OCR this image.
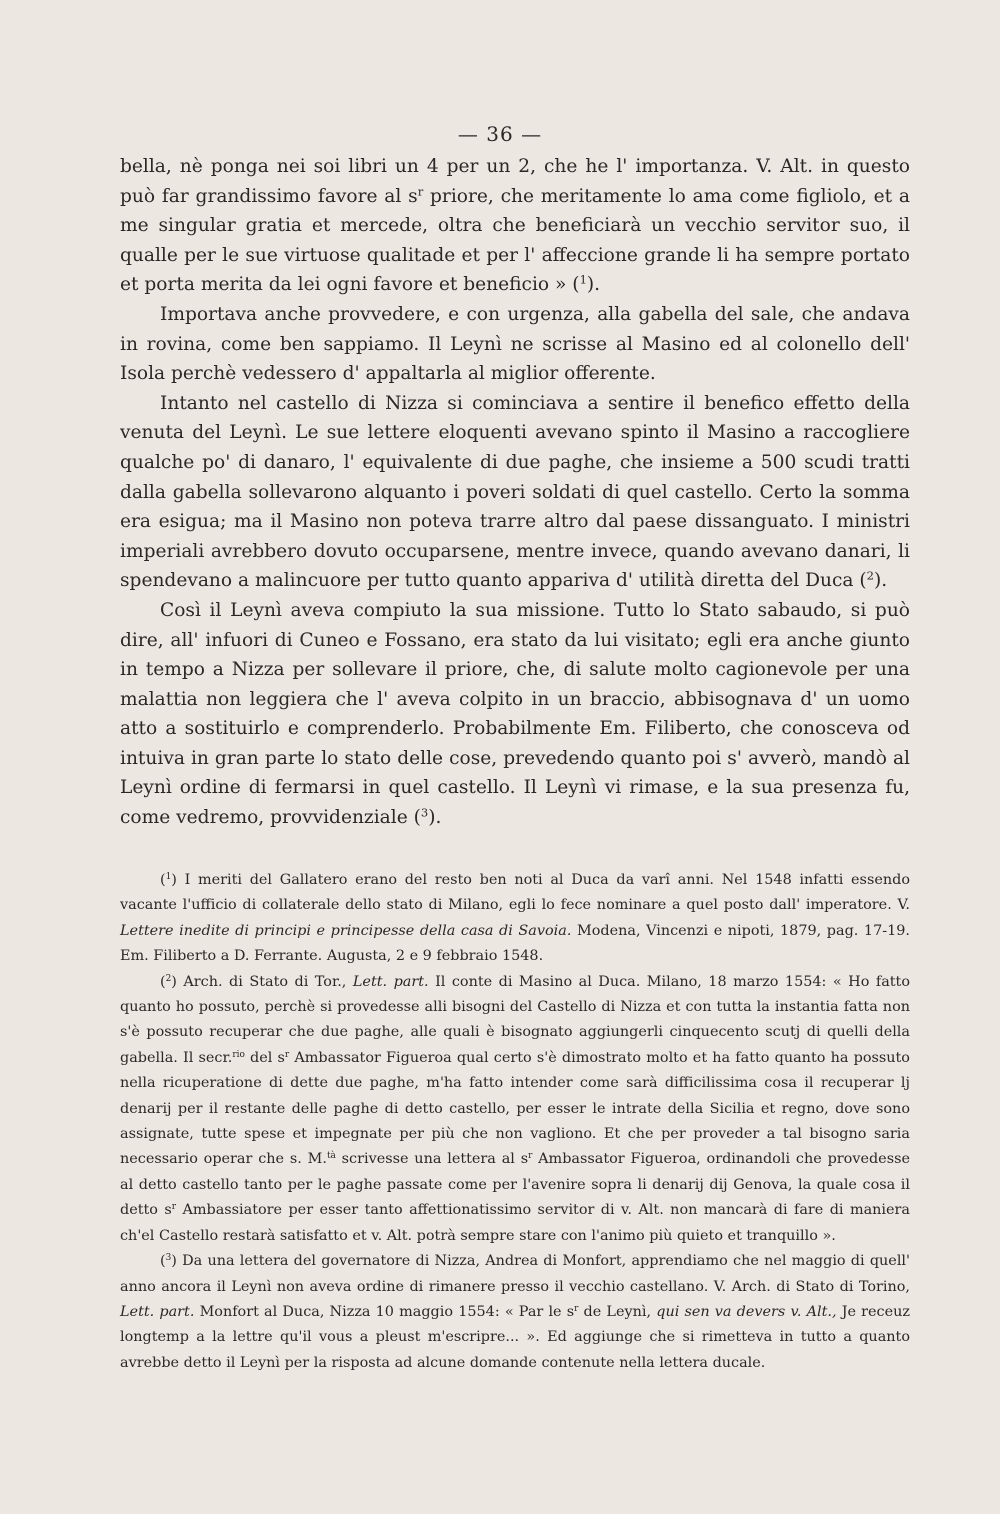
— 36 —

bella, nè ponga nei soi libri un 4 per un 2, che he l' importanza. V. Alt. in questo può far grandissimo favore al $s^r$ priore, che meritamente lo ama come figliolo, et a me singular gratia et mercede, oltra che beneficiarà un vecchio servitor suo, il qualle per le sue virtuose qualitade et per l' affeccione grande li ha sempre portato et porta merita da lei ogni favore et beneficio » ($^1$).

Importava anche provvedere, e con urgenza, alla gabella del sale, che andava in rovina, come ben sappiamo. Il Leynì ne scrisse al Masino ed al colonello dell' Isola perchè vedessero d' appaltarla al miglior offerente.

Intanto nel castello di Nizza si cominciava a sentire il benefico effetto della venuta del Leynì. Le sue lettere eloquenti avevano spinto il Masino a raccogliere qualche po' di danaro, l' equivalente di due paghe, che insieme a 500 scudi tratti dalla gabella sollevarono alquanto i poveri soldati di quel castello. Certo la somma era esigua; ma il Masino non poteva trarre altro dal paese dissanguato. I ministri imperiali avrebbero dovuto occuparsene, mentre invece, quando avevano danari, li spendevano a malincuore per tutto quanto appariva d' utilità diretta del Duca ($^2$).

Così il Leynì aveva compiuto la sua missione. Tutto lo Stato sabaudo, si può dire, all' infuori di Cuneo e Fossano, era stato da lui visitato; egli era anche giunto in tempo a Nizza per sollevare il priore, che, di salute molto cagionevole per una malattia non leggiera che l' aveva colpito in un braccio, abbisognava d' un uomo atto a sostituirlo e comprenderlo. Probabilmente Em. Filiberto, che conosceva od intuiva in gran parte lo stato delle cose, prevedendo quanto poi s' avverò, mandò al Leynì ordine di fermarsi in quel castello. Il Leynì vi rimase, e la sua presenza fu, come vedremo, provvidenziale ($^3$).

($^1$) I meriti del Gallatero erano del resto ben noti al Duca da varî anni. Nel 1548 infatti essendo vacante l'ufficio di collaterale dello stato di Milano, egli lo fece nominare a quel posto dall' imperatore. V. Lettere inedite di principi e principesse della casa di Savoia. Modena, Vincenzi e nipoti, 1879, pag. 17-19. Em. Filiberto a D. Ferrante. Augusta, 2 e 9 febbraio 1548.

($^2$) Arch. di Stato di Tor., Lett. part. Il conte di Masino al Duca. Milano, 18 marzo 1554: « Ho fatto quanto ho possuto, perchè si provedesse alli bisogni del Castello di Nizza et con tutta la instantia fatta non s'è possuto recuperar che due paghe, alle quali è bisognato aggiungerli cinquecento scutj di quelli della gabella. Il secr.$^{rio}$ del $s^r$ Ambassator Figueroa qual certo s'è dimostrato molto et ha fatto quanto ha possuto nella ricuperatione di dette due paghe, m'ha fatto intender come sarà difficilissima cosa il recuperar lj denarij per il restante delle paghe di detto castello, per esser le intrate della Sicilia et regno, dove sono assignate, tutte spese et impegnate per più che non vagliono. Et che per proveder a tal bisogno saria necessario operar che s. M.$^{tà}$ scrivesse una lettera al $s^r$ Ambassator Figueroa, ordinandoli che provedesse al detto castello tanto per le paghe passate come per l'avenire sopra li denarij dij Genova, la quale cosa il detto $s^r$ Ambassiatore per esser tanto affettionatissimo servitor di v. Alt. non mancarà di fare di maniera ch'el Castello restarà satisfatto et v. Alt. potrà sempre stare con l'animo più quieto et tranquillo ».

($^3$) Da una lettera del governatore di Nizza, Andrea di Monfort, apprendiamo che nel maggio di quell' anno ancora il Leynì non aveva ordine di rimanere presso il vecchio castellano. V. Arch. di Stato di Torino, Lett. part. Monfort al Duca, Nizza 10 maggio 1554: « Par le $s^r$ de Leynì, qui sen va devers v. Alt., Je receuz longtemp a la lettre qu'il vous a pleust m'escripre... ». Ed aggiunge che si rimetteva in tutto a quanto avrebbe detto il Leynì per la risposta ad alcune domande contenute nella lettera ducale.
